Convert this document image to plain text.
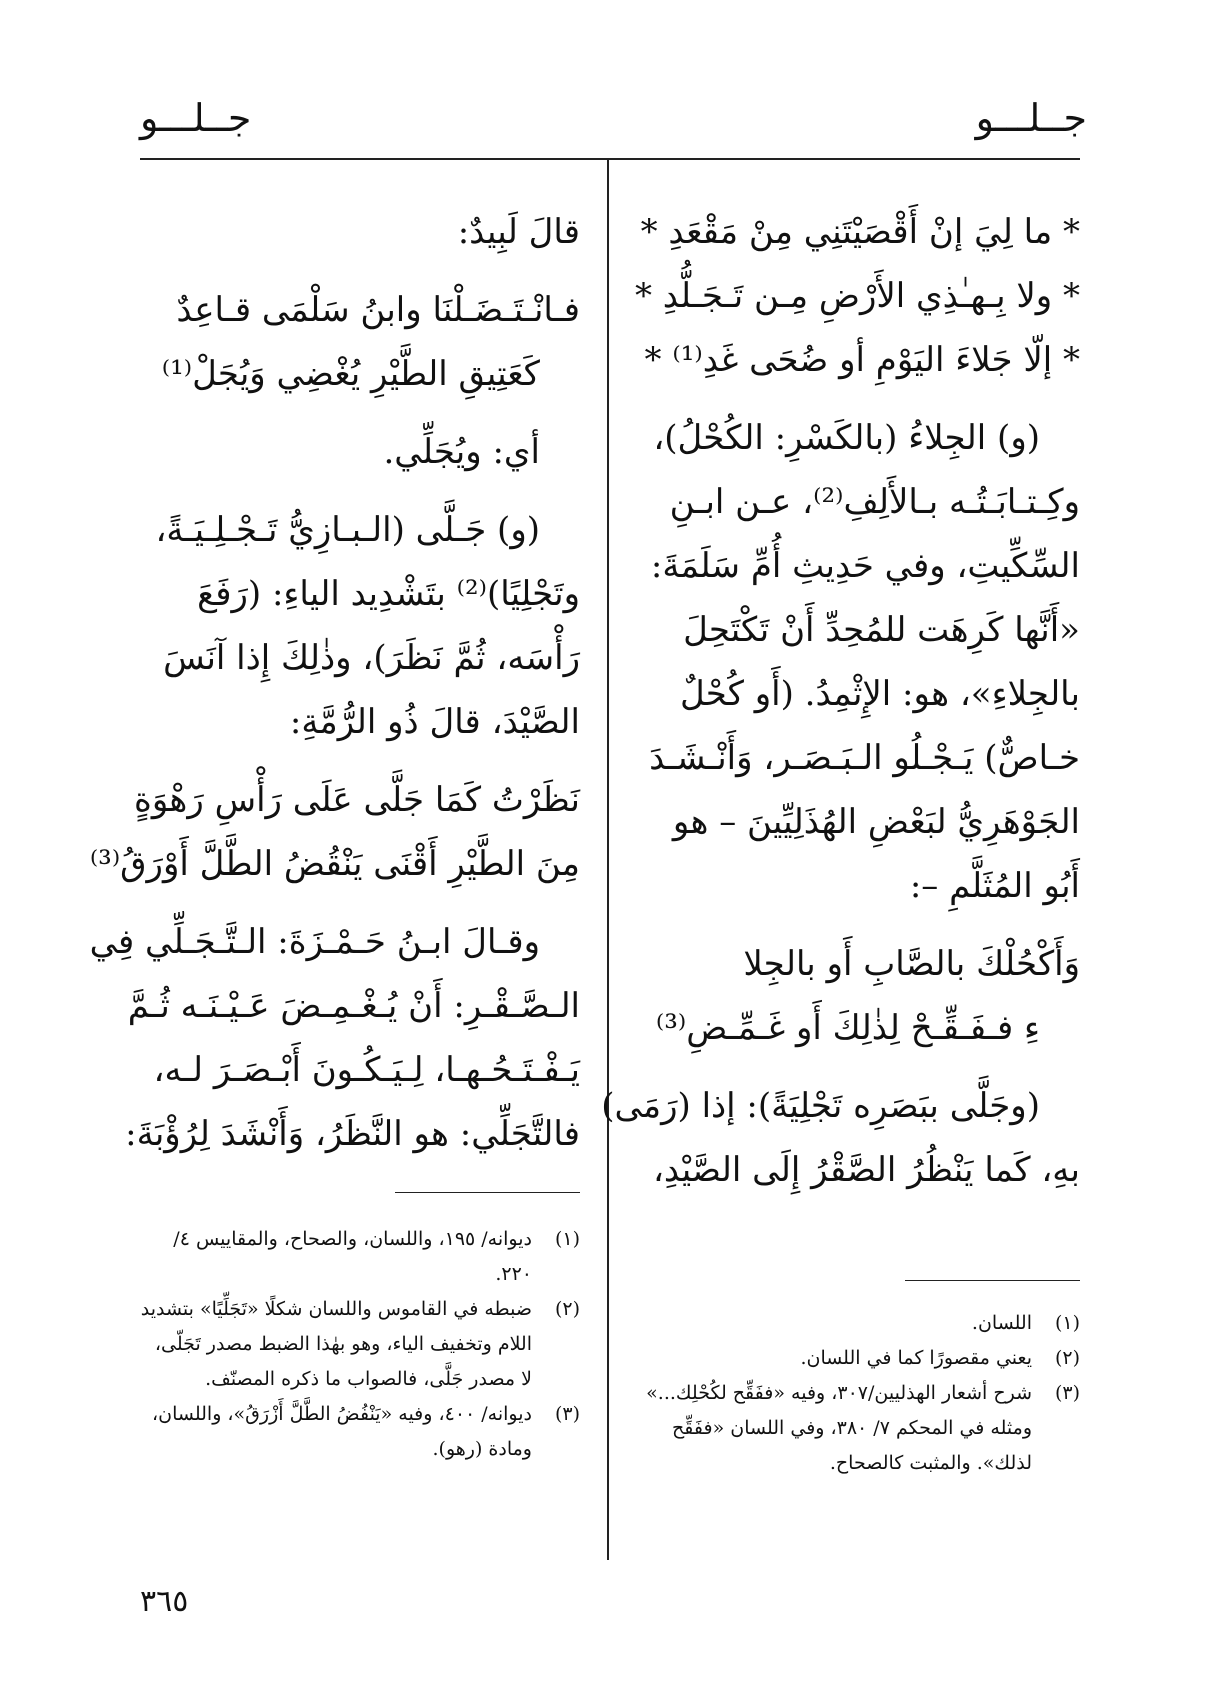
جــلـــو
جــلـــو
* ما لِيَ إنْ أَقْصَيْتَنِي مِنْ مَقْعَدِ *
* ولا بِـهـٰذِي الأَرْضِ مِـن تَـجَـلُّدِ *
* إلّا جَلاءَ اليَوْمِ أو ضُحَى غَدِ⁽¹⁾ *
(و) الجِلاءُ (بالكَسْرِ: الكُحْلُ)،
وكِـتـابَـتُـه بـالأَلِفِ⁽²⁾، عـن ابـنِ
السِّكِّيتِ، وفي حَدِيثِ أُمِّ سَلَمَةَ:
«أَنَّها كَرِهَت للمُحِدِّ أَنْ تَكْتَحِلَ
بالجِلاءِ»، هو: الإِثْمِدُ. (أَو كُحْلٌ
خـاصٌّ) يَـجْـلُو الـبَـصَـر، وَأَنْـشَـدَ
الجَوْهَرِيُّ لبَعْضِ الهُذَلِيِّينَ – هو
أَبُو المُثَلَّمِ –:
وَأَكْحُلْكَ بالصَّابِ أَو بالجِلا
ءِ فـفَـقِّـحْ لِذٰلِكَ أَو غَـمِّـضِ⁽³⁾
(وجَلَّى ببَصَرِه تَجْلِيَةً): إذا (رَمَى)
بهِ، كَما يَنْظُرُ الصَّقْرُ إِلَى الصَّيْدِ،
قالَ لَبِيدٌ:
فـانْـتَـضَـلْنَا وابنُ سَلْمَى قـاعِدٌ
كَعَتِيقِ الطَّيْرِ يُغْضِي وَيُجَلْ⁽¹⁾
أي: ويُجَلِّي.
(و) جَـلَّى (الـبـازِيُّ تَـجْـلِـيَـةً،
وتَجْلِيًا)⁽²⁾ بتَشْدِيد الياءِ: (رَفَعَ
رَأْسَه، ثُمَّ نَظَرَ)، وذٰلِكَ إِذا آنَسَ
الصَّيْدَ، قالَ ذُو الرُّمَّةِ:
نَظَرْتُ كَمَا جَلَّى عَلَى رَأْسِ رَهْوَةٍ
مِنَ الطَّيْرِ أَقْنَى يَنْقُضُ الطَّلَّ أَوْرَقُ⁽³⁾
وقـالَ ابـنُ حَـمْـزَةَ: الـتَّـجَـلِّي فِي
الـصَّـقْـرِ: أَنْ يُـغْـمِـضَ عَـيْـنَـه ثُـمَّ
يَـفْـتَـحُـهـا، لِـيَـكُـونَ أَبْـصَـرَ لـه،
فالتَّجَلِّي: هو النَّظَرُ، وَأَنْشَدَ لِرُؤْبَةَ:
(١)
اللسان.
(٢)
يعني مقصورًا كما في اللسان.
(٣)
شرح أشعار الهذليين/٣٠٧، وفيه «ففَقِّح لكُحْلِك...» ومثله في المحكم ٧/ ٣٨٠، وفي اللسان «ففَقِّح لذلك». والمثبت كالصحاح.
(١)
ديوانه/ ١٩٥، واللسان، والصحاح، والمقاييس ٤/ ٢٢٠.
(٢)
ضبطه في القاموس واللسان شكلًا «تَجَلِّيًا» بتشديد اللام وتخفيف الياء، وهو بهٰذا الضبط مصدر تَجَلّى، لا مصدر جَلَّى، فالصواب ما ذكره المصنّف.
(٣)
ديوانه/ ٤٠٠، وفيه «يَنْفُضُ الطَّلَّ أَزْرَقُ»، واللسان، ومادة (رهو).
٣٦٥
